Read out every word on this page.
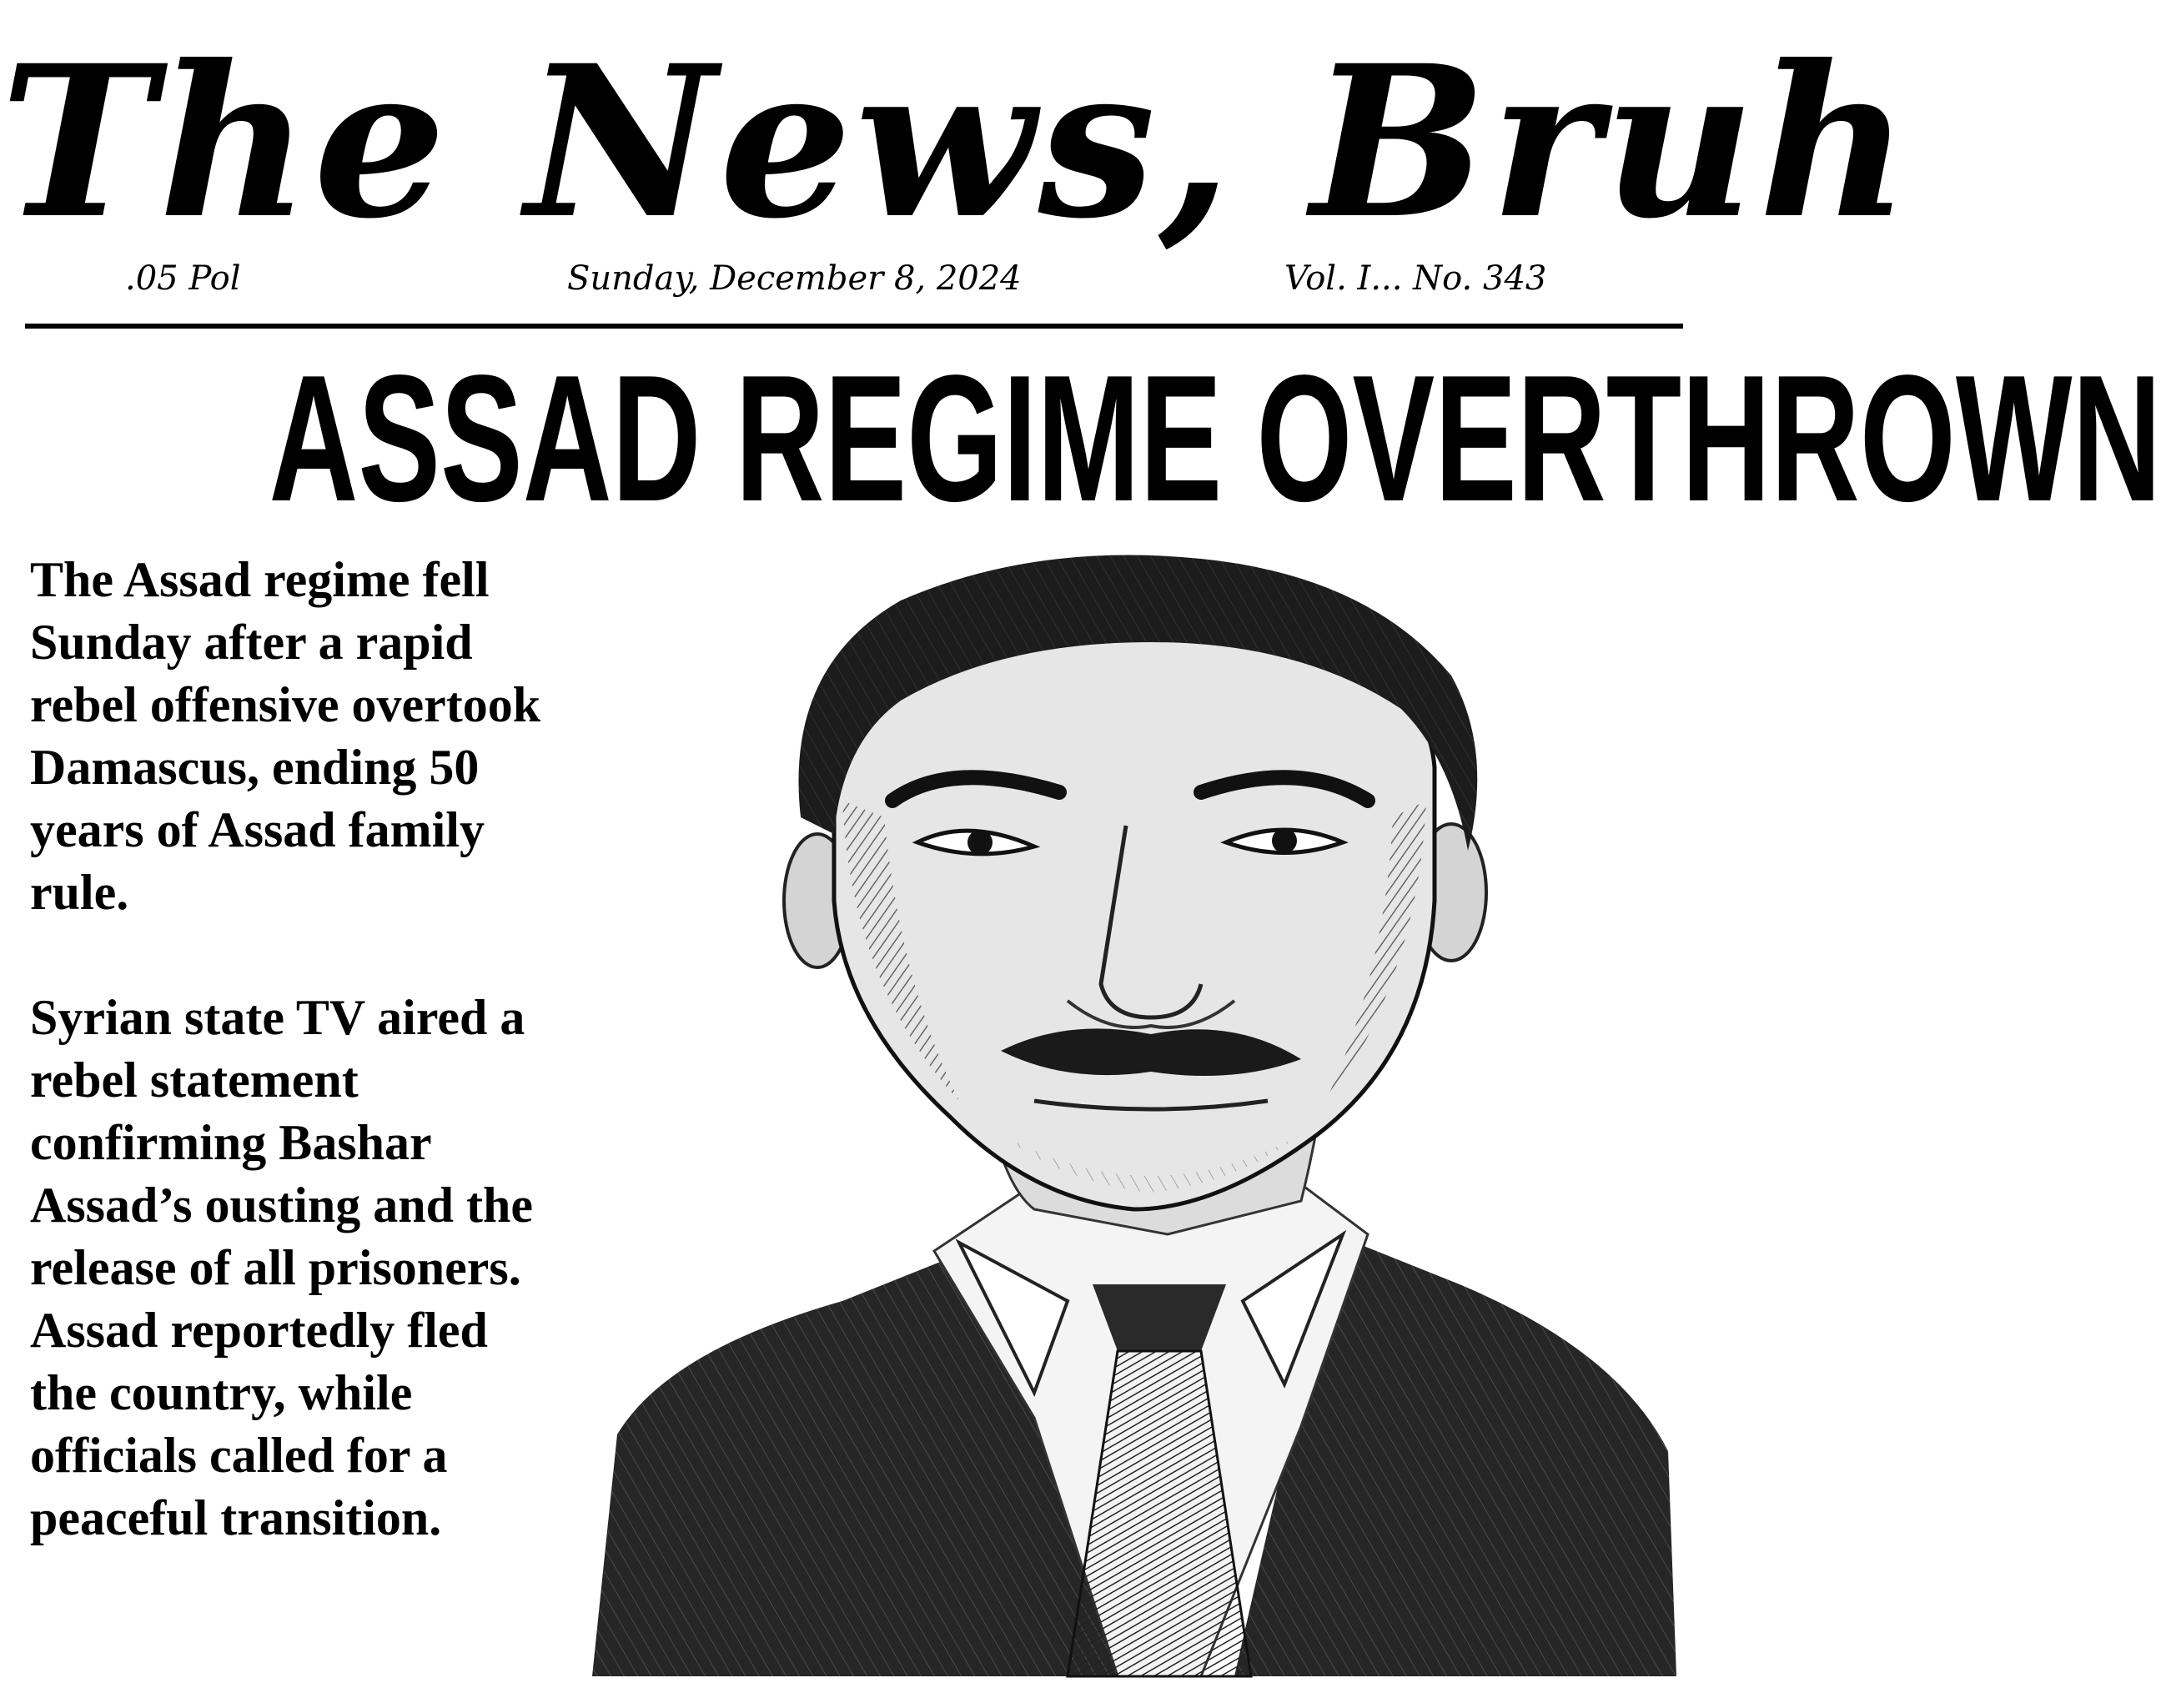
The News, Bruh
.05 Pol	Sunday, December 8, 2024	Vol. I... No. 343
ASSAD REGIME OVERTHROWN

The Assad regime fell Sunday after a rapid rebel offensive overtook Damascus, ending 50 years of Assad family rule.

Syrian state TV aired a rebel statement confirming Bashar Assad’s ousting and the release of all prisoners. Assad reportedly fled the country, while officials called for a peaceful transition.
